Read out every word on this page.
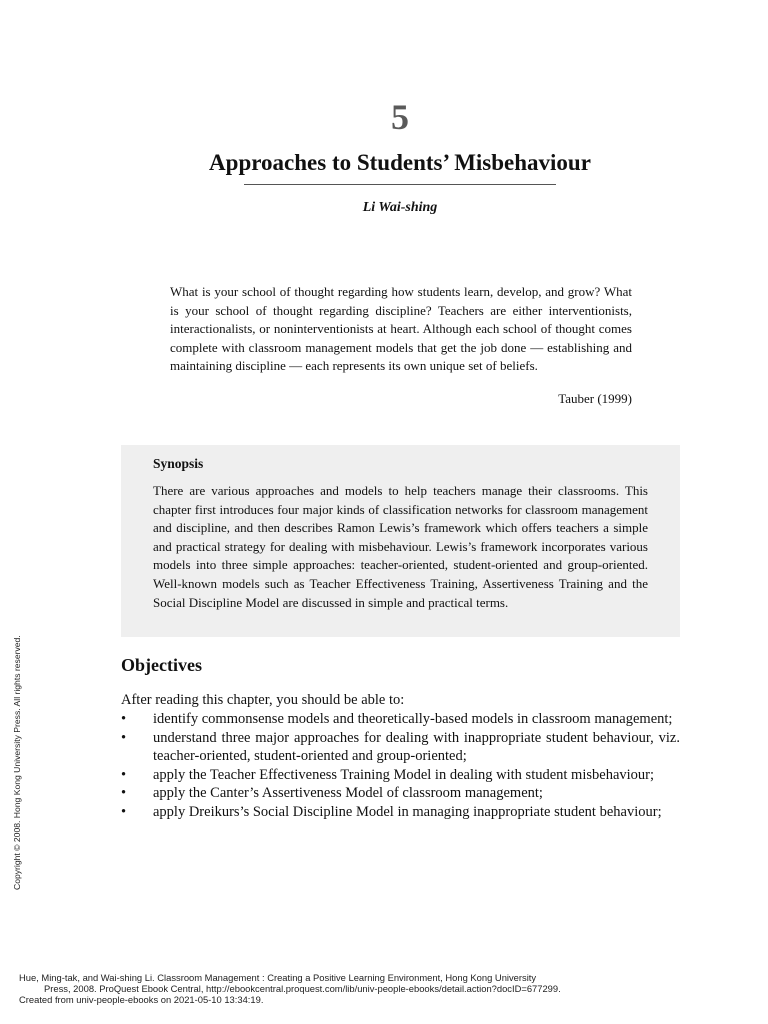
5
Approaches to Students’ Misbehaviour
Li Wai-shing
What is your school of thought regarding how students learn, develop, and grow? What is your school of thought regarding discipline? Teachers are either interventionists, interactionalists, or noninterventionists at heart. Although each school of thought comes complete with classroom management models that get the job done — establishing and maintaining discipline — each represents its own unique set of beliefs.
Tauber (1999)
Synopsis
There are various approaches and models to help teachers manage their classrooms. This chapter first introduces four major kinds of classification networks for classroom management and discipline, and then describes Ramon Lewis’s framework which offers teachers a simple and practical strategy for dealing with misbehaviour. Lewis’s framework incorporates various models into three simple approaches: teacher-oriented, student-oriented and group-oriented. Well-known models such as Teacher Effectiveness Training, Assertiveness Training and the Social Discipline Model are discussed in simple and practical terms.
Objectives
After reading this chapter, you should be able to:
• identify commonsense models and theoretically-based models in classroom management;
• understand three major approaches for dealing with inappropriate student behaviour, viz. teacher-oriented, student-oriented and group-oriented;
• apply the Teacher Effectiveness Training Model in dealing with student misbehaviour;
• apply the Canter’s Assertiveness Model of classroom management;
• apply Dreikurs’s Social Discipline Model in managing inappropriate student behaviour;
Copyright © 2008. Hong Kong University Press. All rights reserved.
Hue, Ming-tak, and Wai-shing Li. Classroom Management : Creating a Positive Learning Environment, Hong Kong University
Press, 2008. ProQuest Ebook Central, http://ebookcentral.proquest.com/lib/univ-people-ebooks/detail.action?docID=677299.
Created from univ-people-ebooks on 2021-05-10 13:34:19.
